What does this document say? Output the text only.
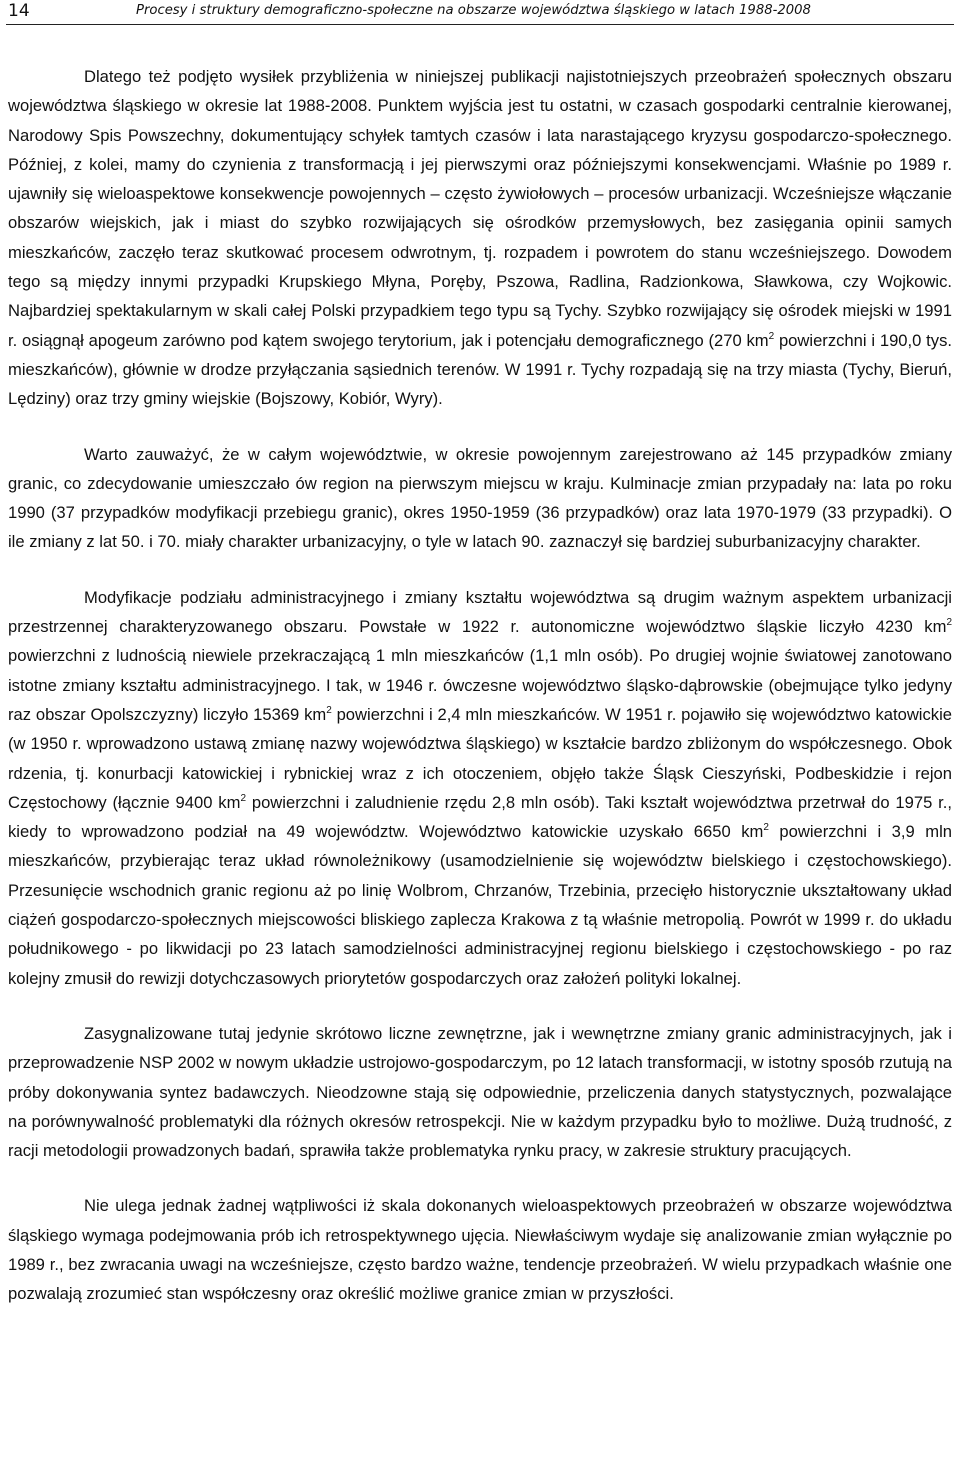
14	Procesy i struktury demograficzno-społeczne na obszarze województwa śląskiego w latach 1988-2008

Dlatego też podjęto wysiłek przybliżenia w niniejszej publikacji najistotniejszych przeobrażeń społecznych obszaru województwa śląskiego w okresie lat 1988-2008. Punktem wyjścia jest tu ostatni, w czasach gospodarki centralnie kierowanej, Narodowy Spis Powszechny, dokumentujący schyłek tamtych czasów i lata narastającego kryzysu gospodarczo-społecznego. Później, z kolei, mamy do czynienia z transformacją i jej pierwszymi oraz późniejszymi konsekwencjami. Właśnie po 1989 r. ujawniły się wieloaspektowe konsekwencje powojennych – często żywiołowych – procesów urbanizacji. Wcześniejsze włączanie obszarów wiejskich, jak i miast do szybko rozwijających się ośrodków przemysłowych, bez zasięgania opinii samych mieszkańców, zaczęło teraz skutkować procesem odwrotnym, tj. rozpadem i powrotem do stanu wcześniejszego. Dowodem tego są między innymi przypadki Krupskiego Młyna, Poręby, Pszowa, Radlina, Radzionkowa, Sławkowa, czy Wojkowic. Najbardziej spektakularnym w skali całej Polski przypadkiem tego typu są Tychy. Szybko rozwijający się ośrodek miejski w 1991 r. osiągnął apogeum zarówno pod kątem swojego terytorium, jak i potencjału demograficznego (270 $km^2$ powierzchni i 190,0 tys. mieszkańców), głównie w drodze przyłączania sąsiednich terenów. W 1991 r. Tychy rozpadają się na trzy miasta (Tychy, Bieruń, Lędziny) oraz trzy gminy wiejskie (Bojszowy, Kobiór, Wyry).

Warto zauważyć, że w całym województwie, w okresie powojennym zarejestrowano aż 145 przypadków zmiany granic, co zdecydowanie umieszczało ów region na pierwszym miejscu w kraju. Kulminacje zmian przypadały na: lata po roku 1990 (37 przypadków modyfikacji przebiegu granic), okres 1950-1959 (36 przypadków) oraz lata 1970-1979 (33 przypadki). O ile zmiany z lat 50. i 70. miały charakter urbanizacyjny, o tyle w latach 90. zaznaczył się bardziej suburbanizacyjny charakter.

Modyfikacje podziału administracyjnego i zmiany kształtu województwa są drugim ważnym aspektem urbanizacji przestrzennej charakteryzowanego obszaru. Powstałe w 1922 r. autonomiczne województwo śląskie liczyło 4230 $km^2$ powierzchni z ludnością niewiele przekraczającą 1 mln mieszkańców (1,1 mln osób). Po drugiej wojnie światowej zanotowano istotne zmiany kształtu administracyjnego. I tak, w 1946 r. ówczesne województwo śląsko-dąbrowskie (obejmujące tylko jedyny raz obszar Opolszczyzny) liczyło 15369 $km^2$ powierzchni i 2,4 mln mieszkańców. W 1951 r. pojawiło się województwo katowickie (w 1950 r. wprowadzono ustawą zmianę nazwy województwa śląskiego) w kształcie bardzo zbliżonym do współczesnego. Obok rdzenia, tj. konurbacji katowickiej i rybnickiej wraz z ich otoczeniem, objęło także Śląsk Cieszyński, Podbeskidzie i rejon Częstochowy (łącznie 9400 $km^2$ powierzchni i zaludnienie rzędu 2,8 mln osób). Taki kształt województwa przetrwał do 1975 r., kiedy to wprowadzono podział na 49 województw. Województwo katowickie uzyskało 6650 $km^2$ powierzchni i 3,9 mln mieszkańców, przybierając teraz układ równoleżnikowy (usamodzielnienie się województw bielskiego i częstochowskiego). Przesunięcie wschodnich granic regionu aż po linię Wolbrom, Chrzanów, Trzebinia, przecięło historycznie ukształtowany układ ciążeń gospodarczo-społecznych miejscowości bliskiego zaplecza Krakowa z tą właśnie metropolią. Powrót w 1999 r. do układu południkowego - po likwidacji po 23 latach samodzielności administracyjnej regionu bielskiego i częstochowskiego - po raz kolejny zmusił do rewizji dotychczasowych priorytetów gospodarczych oraz założeń polityki lokalnej.

Zasygnalizowane tutaj jedynie skrótowo liczne zewnętrzne, jak i wewnętrzne zmiany granic administracyjnych, jak i przeprowadzenie NSP 2002 w nowym układzie ustrojowo-gospodarczym, po 12 latach transformacji, w istotny sposób rzutują na próby dokonywania syntez badawczych. Nieodzowne stają się odpowiednie, przeliczenia danych statystycznych, pozwalające na porównywalność problematyki dla różnych okresów retrospekcji. Nie w każdym przypadku było to możliwe. Dużą trudność, z racji metodologii prowadzonych badań, sprawiła także problematyka rynku pracy, w zakresie struktury pracujących.

Nie ulega jednak żadnej wątpliwości iż skala dokonanych wieloaspektowych przeobrażeń w obszarze województwa śląskiego wymaga podejmowania prób ich retrospektywnego ujęcia. Niewłaściwym wydaje się analizowanie zmian wyłącznie po 1989 r., bez zwracania uwagi na wcześniejsze, często bardzo ważne, tendencje przeobrażeń. W wielu przypadkach właśnie one pozwalają zrozumieć stan współczesny oraz określić możliwe granice zmian w przyszłości.
